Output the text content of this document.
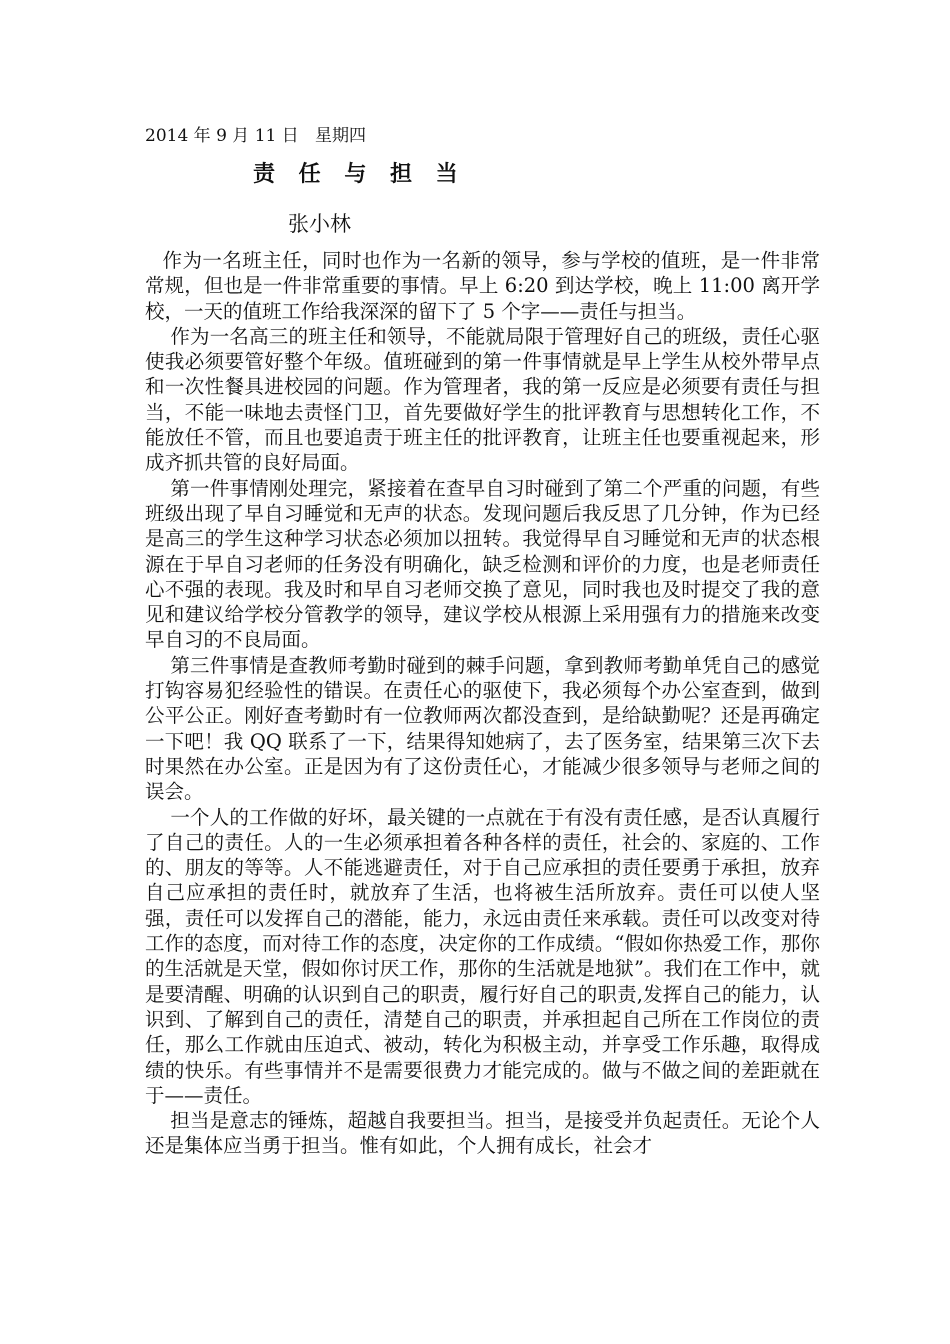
2014 年 9 月 11 日   星期四
责 任 与 担 当
张小林

作为一名班主任，同时也作为一名新的领导，参与学校的值班，是一件非常常规，但也是一件非常重要的事情。早上 6:20 到达学校，晚上 11:00 离开学校，一天的值班工作给我深深的留下了 5 个字——责任与担当。

作为一名高三的班主任和领导，不能就局限于管理好自己的班级，责任心驱使我必须要管好整个年级。值班碰到的第一件事情就是早上学生从校外带早点和一次性餐具进校园的问题。作为管理者，我的第一反应是必须要有责任与担当，不能一味地去责怪门卫，首先要做好学生的批评教育与思想转化工作，不能放任不管，而且也要追责于班主任的批评教育，让班主任也要重视起来，形成齐抓共管的良好局面。

第一件事情刚处理完，紧接着在查早自习时碰到了第二个严重的问题，有些班级出现了早自习睡觉和无声的状态。发现问题后我反思了几分钟，作为已经是高三的学生这种学习状态必须加以扭转。我觉得早自习睡觉和无声的状态根源在于早自习老师的任务没有明确化，缺乏检测和评价的力度，也是老师责任心不强的表现。我及时和早自习老师交换了意见，同时我也及时提交了我的意见和建议给学校分管教学的领导，建议学校从根源上采用强有力的措施来改变早自习的不良局面。

第三件事情是查教师考勤时碰到的棘手问题，拿到教师考勤单凭自己的感觉打钩容易犯经验性的错误。在责任心的驱使下，我必须每个办公室查到，做到公平公正。刚好查考勤时有一位教师两次都没查到，是给缺勤呢？还是再确定一下吧！我 QQ 联系了一下，结果得知她病了，去了医务室，结果第三次下去时果然在办公室。正是因为有了这份责任心，才能减少很多领导与老师之间的误会。

一个人的工作做的好坏，最关键的一点就在于有没有责任感，是否认真履行了自己的责任。人的一生必须承担着各种各样的责任，社会的、家庭的、工作的、朋友的等等。人不能逃避责任，对于自己应承担的责任要勇于承担，放弃自己应承担的责任时，就放弃了生活，也将被生活所放弃。责任可以使人坚强，责任可以发挥自己的潜能，能力，永远由责任来承载。责任可以改变对待工作的态度，而对待工作的态度，决定你的工作成绩。“假如你热爱工作，那你的生活就是天堂，假如你讨厌工作，那你的生活就是地狱”。我们在工作中，就是要清醒、明确的认识到自己的职责，履行好自己的职责,发挥自己的能力，认识到、了解到自己的责任，清楚自己的职责，并承担起自己所在工作岗位的责任，那么工作就由压迫式、被动，转化为积极主动，并享受工作乐趣，取得成绩的快乐。有些事情并不是需要很费力才能完成的。做与不做之间的差距就在于——责任。

担当是意志的锤炼，超越自我要担当。担当，是接受并负起责任。无论个人还是集体应当勇于担当。惟有如此，个人拥有成长，社会才
